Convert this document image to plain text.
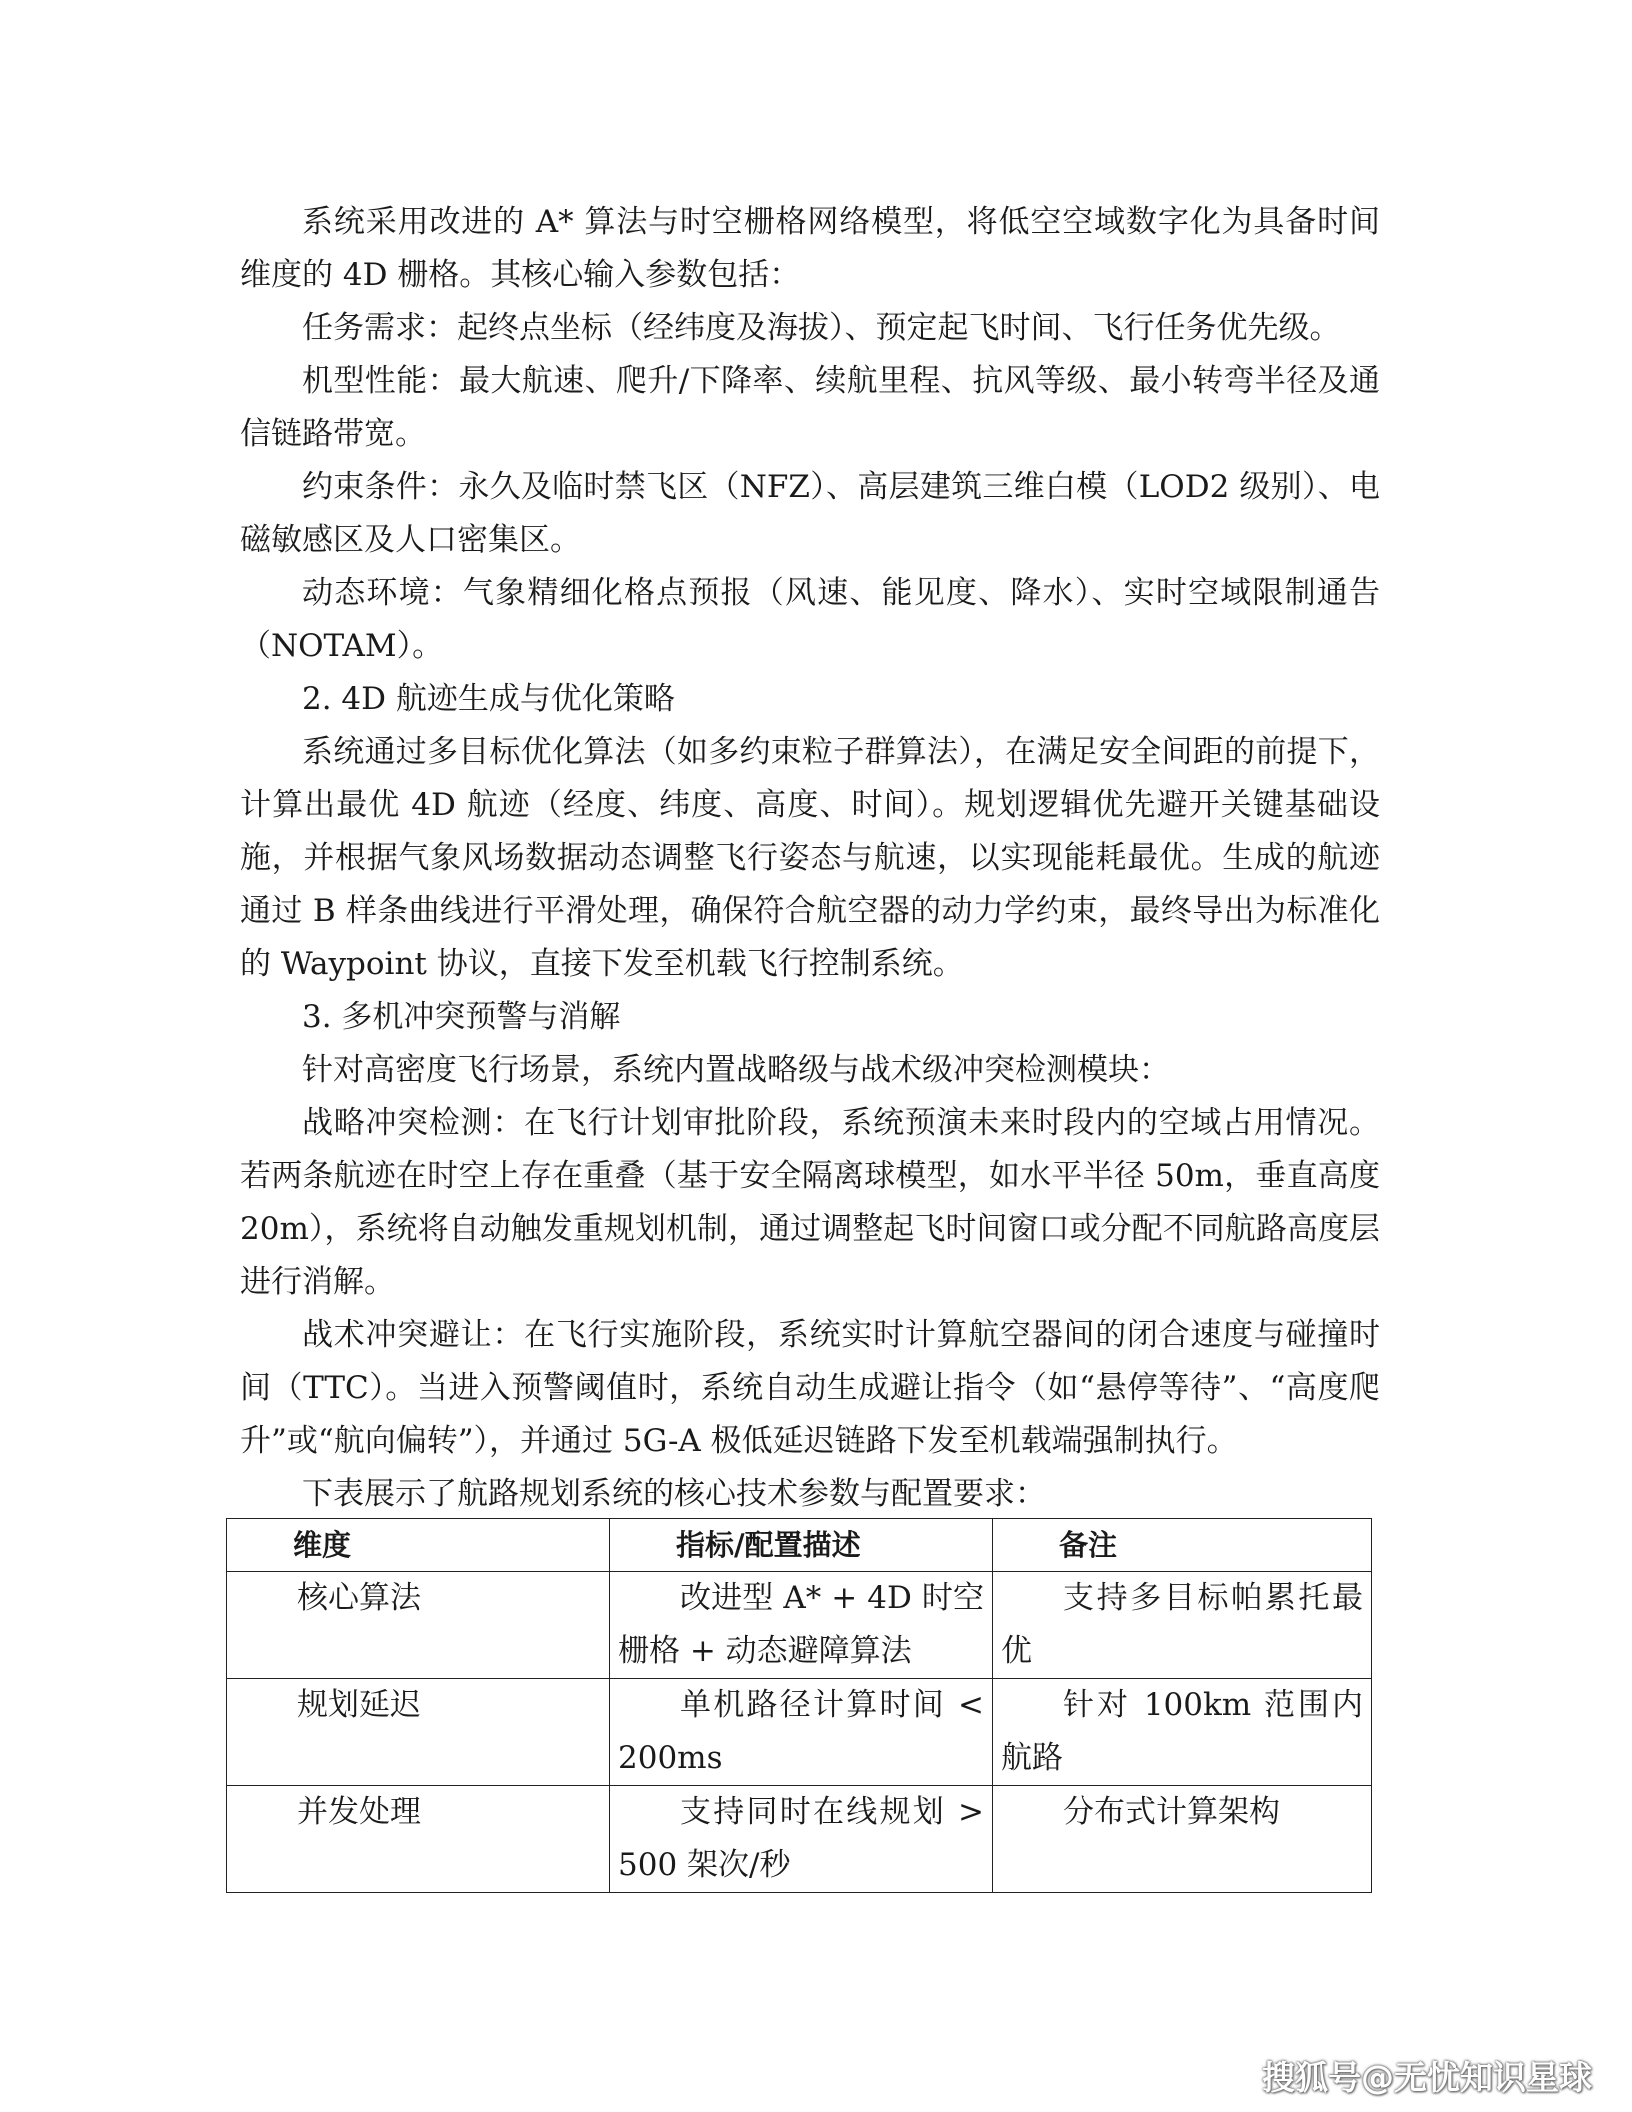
系统采用改进的 A* 算法与时空栅格网络模型，将低空空域数字化为具备时间维度的 4D 栅格。其核心输入参数包括：

任务需求：起终点坐标（经纬度及海拔）、预定起飞时间、飞行任务优先级。

机型性能：最大航速、爬升/下降率、续航里程、抗风等级、最小转弯半径及通信链路带宽。

约束条件：永久及临时禁飞区（NFZ）、高层建筑三维白模（LOD2 级别）、电磁敏感区及人口密集区。

动态环境：气象精细化格点预报（风速、能见度、降水）、实时空域限制通告（NOTAM）。

2. 4D 航迹生成与优化策略

系统通过多目标优化算法（如多约束粒子群算法），在满足安全间距的前提下，计算出最优 4D 航迹（经度、纬度、高度、时间）。规划逻辑优先避开关键基础设施，并根据气象风场数据动态调整飞行姿态与航速，以实现能耗最优。生成的航迹通过 B 样条曲线进行平滑处理，确保符合航空器的动力学约束，最终导出为标准化的 Waypoint 协议，直接下发至机载飞行控制系统。

3. 多机冲突预警与消解

针对高密度飞行场景，系统内置战略级与战术级冲突检测模块：

战略冲突检测：在飞行计划审批阶段，系统预演未来时段内的空域占用情况。若两条航迹在时空上存在重叠（基于安全隔离球模型，如水平半径 50m，垂直高度 20m），系统将自动触发重规划机制，通过调整起飞时间窗口或分配不同航路高度层进行消解。

战术冲突避让：在飞行实施阶段，系统实时计算航空器间的闭合速度与碰撞时间（TTC）。当进入预警阈值时，系统自动生成避让指令（如“悬停等待”、“高度爬升”或“航向偏转”），并通过 5G-A 极低延迟链路下发至机载端强制执行。

下表展示了航路规划系统的核心技术参数与配置要求：

维度	指标/配置描述	备注
核心算法	改进型 A* + 4D 时空栅格 + 动态避障算法	支持多目标帕累托最优
规划延迟	单机路径计算时间 < 200ms	针对 100km 范围内航路
并发处理	支持同时在线规划 > 500 架次/秒	分布式计算架构
搜狐号@无忧知识星球
